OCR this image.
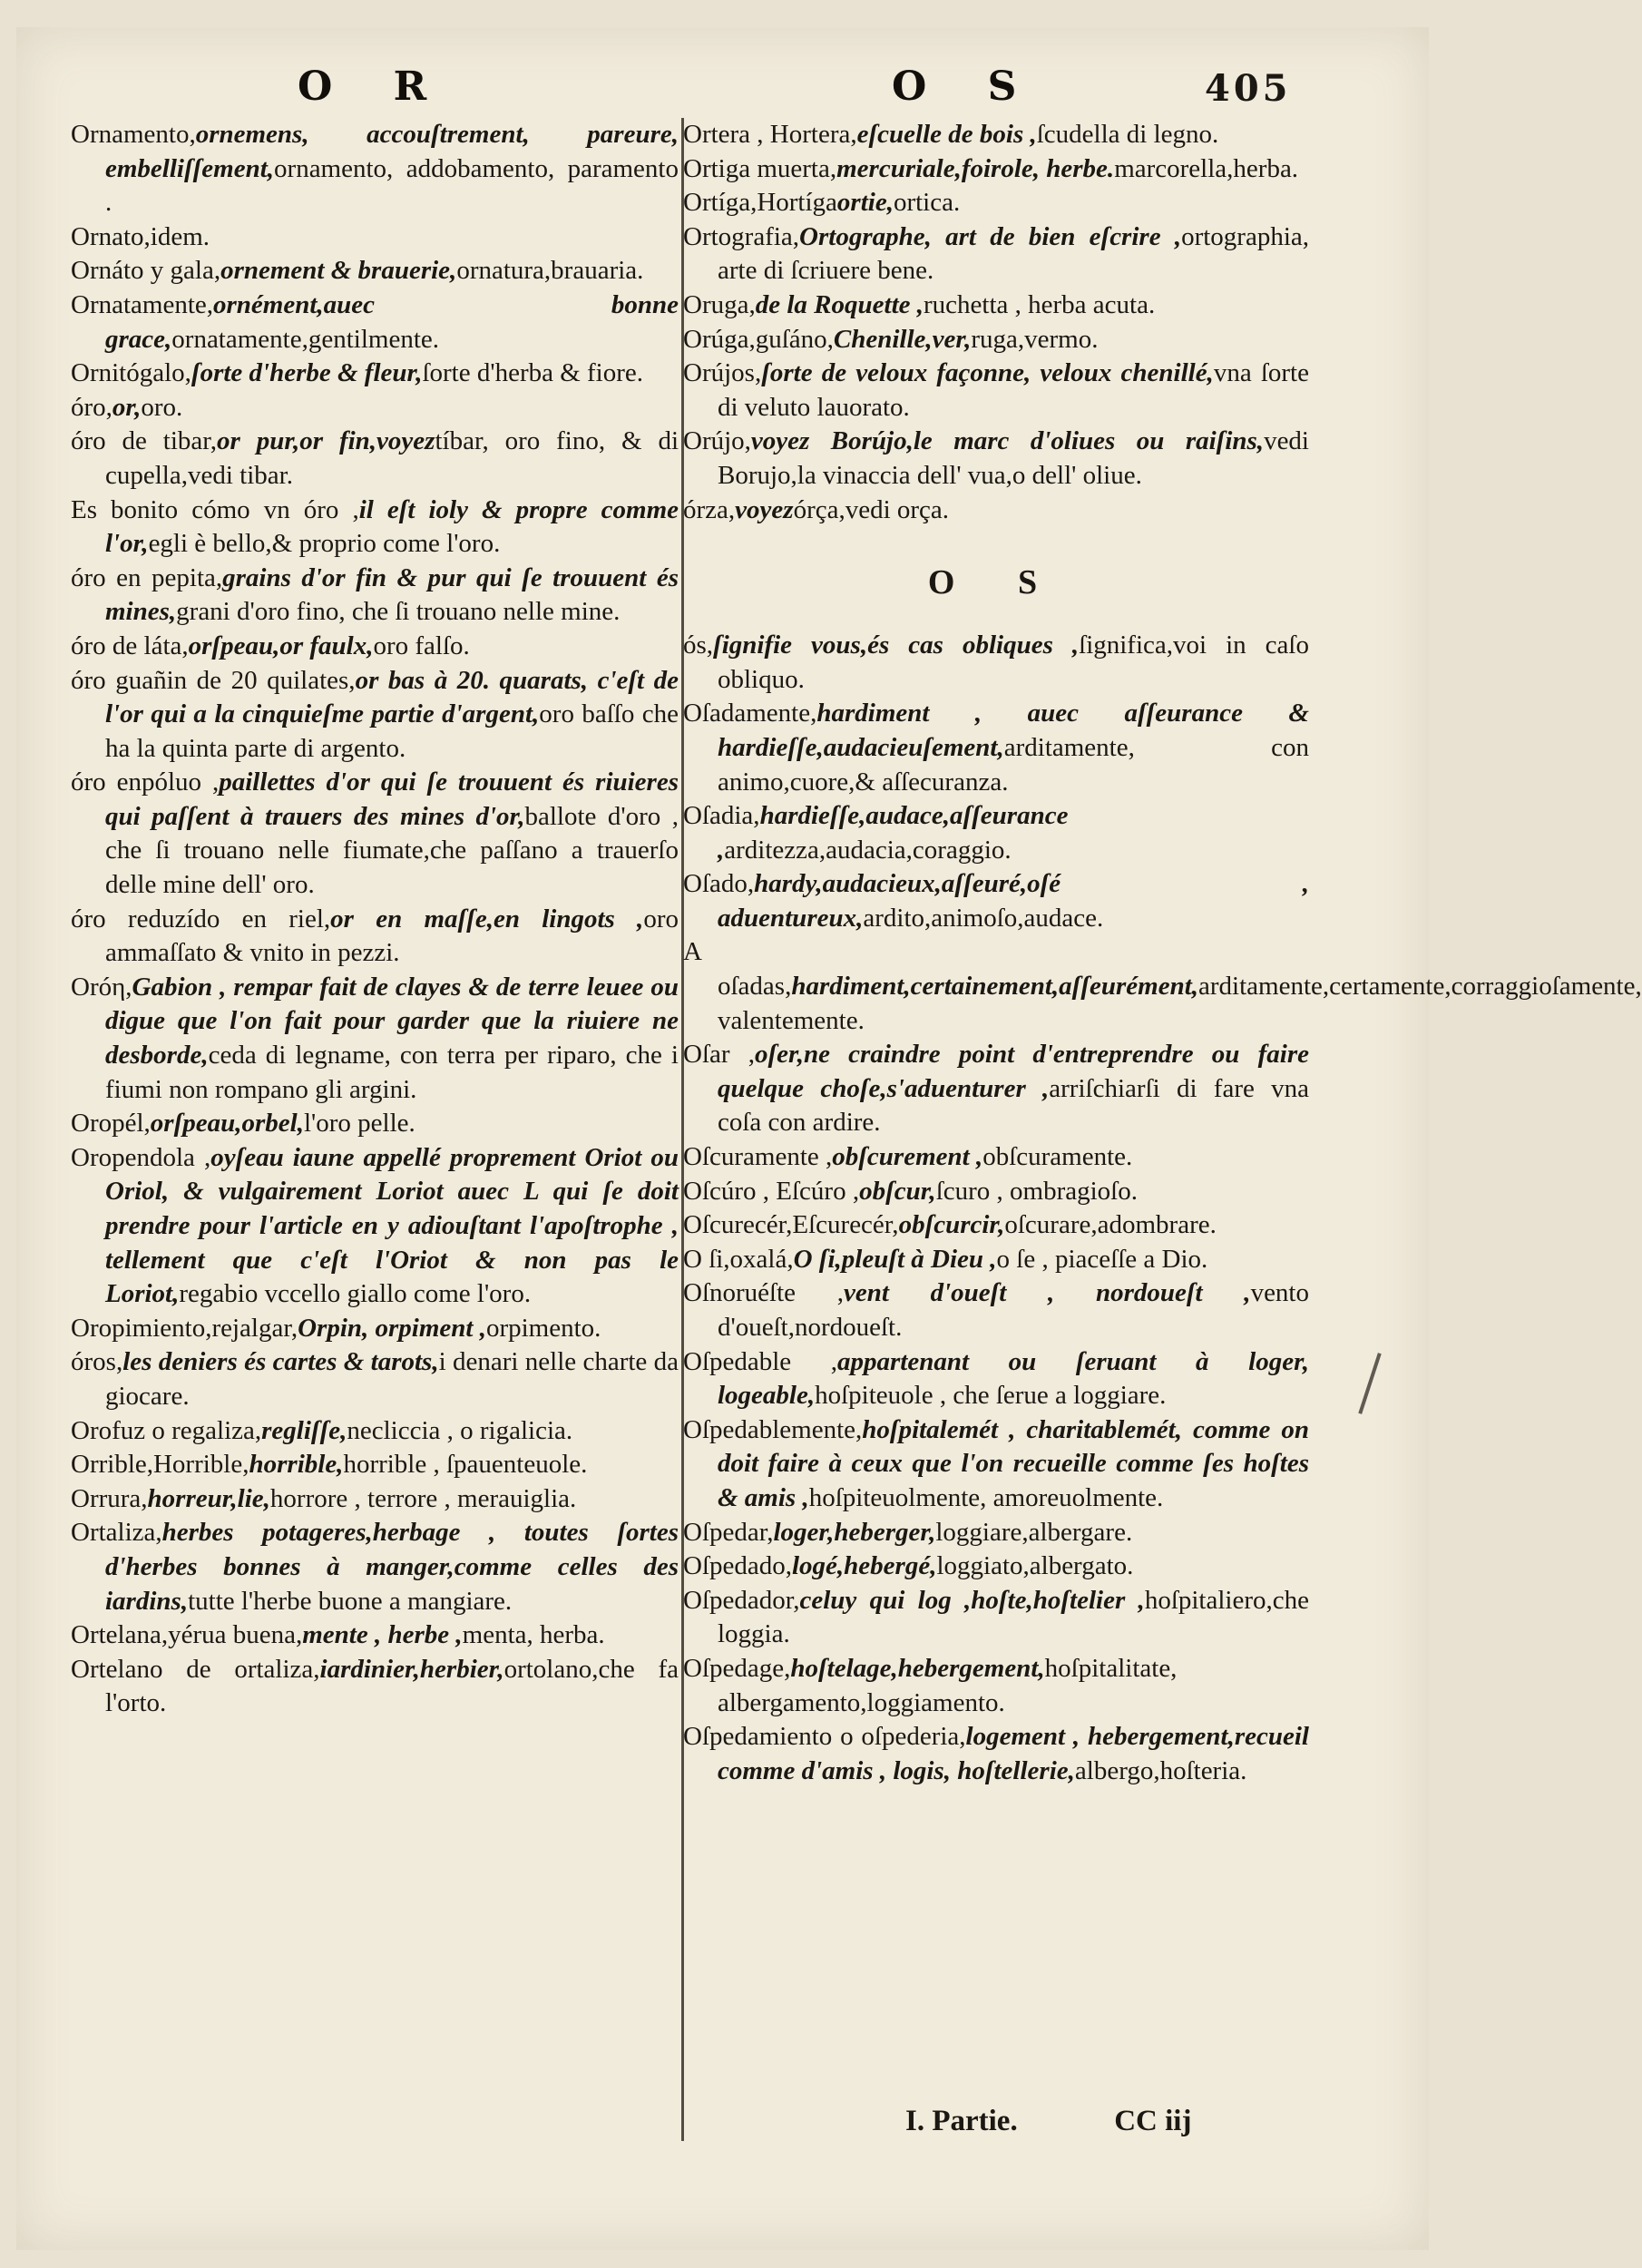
O R	O S	405

Ornamento,ornemens, accouſtrement, pareure, embelliſſement,ornamento, addobamento, paramento .

Ornato,idem.

Ornáto y gala,ornement & brauerie,ornatura,brauaria.

Ornatamente,ornément,auec bonne grace,ornatamente,gentilmente.

Ornitógalo,ſorte d'herbe & fleur,ſorte d'herba & fiore.

óro,or,oro.

óro de tibar,or pur,or fin,voyeztíbar, oro fino, & di cupella,vedi tibar.

Es bonito cómo vn óro ,il eſt ioly & propre comme l'or,egli è bello,& proprio come l'oro.

óro en pepita,grains d'or fin & pur qui ſe trouuent és mines,grani d'oro fino, che ſi trouano nelle mine.

óro de láta,orſpeau,or faulx,oro falſo.

óro guañin de 20 quilates,or bas à 20. quarats, c'eſt de l'or qui a la cinquieſme partie d'argent,oro baſſo che ha la quinta parte di argento.

óro enpóluo ,paillettes d'or qui ſe trouuent és riuieres qui paſſent à trauers des mines d'or,ballote d'oro , che ſi trouano nelle fiumate,che paſſano a trauerſo delle mine dell' oro.

óro reduzído en riel,or en maſſe,en lingots ,oro ammaſſato & vnito in pezzi.

Oróη,Gabion , rempar fait de clayes & de terre leuee ou digue que l'on fait pour garder que la riuiere ne desborde,ceda di legname, con terra per riparo, che i fiumi non rompano gli argini.

Oropél,orſpeau,orbel,l'oro pelle.

Oropendola ,oyſeau iaune appellé proprement Oriot ou Oriol, & vulgairement Loriot auec L qui ſe doit prendre pour l'article en y adiouſtant l'apoſtrophe , tellement que c'eſt l'Oriot & non pas le Loriot,regabio vccello giallo come l'oro.

Oropimiento,rejalgar,Orpin, orpiment ,orpimento.

óros,les deniers és cartes & tarots,i denari nelle charte da giocare.

Orofuz o regaliza,regliſſe,necliccia , o rigalicia.

Orrible,Horrible,horrible,horrible , ſpauenteuole.

Orrura,horreur,lie,horrore , terrore , merauiglia.

Ortaliza,herbes potageres,herbage , toutes ſortes d'herbes bonnes à manger,comme celles des iardins,tutte l'herbe buone a mangiare.

Ortelana,yérua buena,mente , herbe ,menta, herba.

Ortelano de ortaliza,iardinier,herbier,ortolano,che fa l'orto.

Ortera , Hortera,eſcuelle de bois ,ſcudella di legno.

Ortiga muerta,mercuriale,foirole, herbe.marcorella,herba.

Ortíga,Hortígaortie,ortica.

Ortografia,Ortographe, art de bien eſcrire ,ortographia, arte di ſcriuere bene.

Oruga,de la Roquette ,ruchetta , herba acuta.

Orúga,guſáno,Chenille,ver,ruga,vermo.

Orújos,ſorte de veloux façonne, veloux chenillé,vna ſorte di veluto lauorato.

Orújo,voyez Borújo,le marc d'oliues ou raiſins,vedi Borujo,la vinaccia dell' vua,o dell' oliue.

órza,voyezórça,vedi orça.

O S

ós,ſignifie vous,és cas obliques ,ſignifica,voi in caſo obliquo.

Oſadamente,hardiment , auec aſſeurance & hardieſſe,audacieuſement,arditamente, con animo,cuore,& aſſecuranza.

Oſadia,hardieſſe,audace,aſſeurance ,arditezza,audacia,coraggio.

Oſado,hardy,audacieux,aſſeuré,oſé , aduentureux,ardito,animoſo,audace.

A oſadas,hardiment,certainement,aſſeurément,arditamente,certamente,corraggioſamente, valentemente.

Oſar ,oſer,ne craindre point d'entreprendre ou faire quelque choſe,s'aduenturer ,arriſchiarſi di fare vna coſa con ardire.

Oſcuramente ,obſcurement ,obſcuramente.

Oſcúro , Eſcúro ,obſcur,ſcuro , ombragioſo.

Oſcurecér,Eſcurecér,obſcurcir,oſcurare,adombrare.

O ſi,oxalá,O ſi,pleuſt à Dieu ,o ſe , piaceſſe a Dio.

Oſnoruéſte ,vent d'oueſt , nordoueſt ,vento d'oueſt,nordoueſt.

Oſpedable ,appartenant ou ſeruant à loger, logeable,hoſpiteuole , che ſerue a loggiare.

Oſpedablemente,hoſpitalemét , charitablemét, comme on doit faire à ceux que l'on recueille comme ſes hoſtes & amis ,hoſpiteuolmente, amoreuolmente.

Oſpedar,loger,heberger,loggiare,albergare.

Oſpedado,logé,hebergé,loggiato,albergato.

Oſpedador,celuy qui log ,hoſte,hoſtelier ,hoſpitaliero,che loggia.

Oſpedage,hoſtelage,hebergement,hoſpitalitate, albergamento,loggiamento.

Oſpedamiento o oſpederia,logement , hebergement,recueil comme d'amis , logis, hoſtellerie,albergo,hoſteria.

I. Partie.	CC iij
